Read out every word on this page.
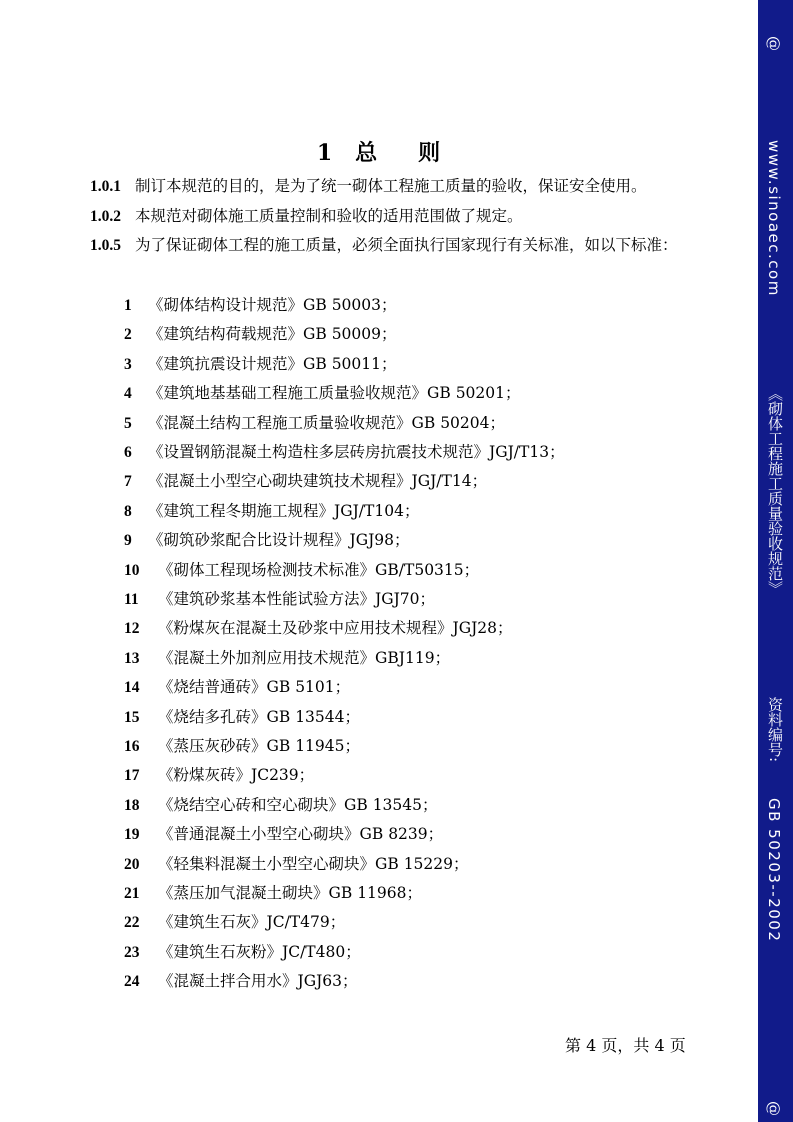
1 总 则
1.0.1 制订本规范的目的，是为了统一砌体工程施工质量的验收，保证安全使用。
1.0.2 本规范对砌体施工质量控制和验收的适用范围做了规定。
1.0.5 为了保证砌体工程的施工质量，必须全面执行国家现行有关标准，如以下标准：
1 《砌体结构设计规范》GB 50003；
2 《建筑结构荷载规范》GB 50009；
3 《建筑抗震设计规范》GB 50011；
4 《建筑地基基础工程施工质量验收规范》GB 50201；
5 《混凝土结构工程施工质量验收规范》GB 50204；
6 《设置钢筋混凝土构造柱多层砖房抗震技术规范》JGJ/T13；
7 《混凝土小型空心砌块建筑技术规程》JGJ/T14；
8 《建筑工程冬期施工规程》JGJ/T104；
9 《砌筑砂浆配合比设计规程》JGJ98；
10 《砌体工程现场检测技术标准》GB/T50315；
11 《建筑砂浆基本性能试验方法》JGJ70；
12 《粉煤灰在混凝土及砂浆中应用技术规程》JGJ28；
13 《混凝土外加剂应用技术规范》GBJ119；
14 《烧结普通砖》GB 5101；
15 《烧结多孔砖》GB 13544；
16 《蒸压灰砂砖》GB 11945；
17 《粉煤灰砖》JC239；
18 《烧结空心砖和空心砌块》GB 13545；
19 《普通混凝土小型空心砌块》GB 8239；
20 《轻集料混凝土小型空心砌块》GB 15229；
21 《蒸压加气混凝土砌块》GB 11968；
22 《建筑生石灰》JC/T479；
23 《建筑生石灰粉》JC/T480；
24 《混凝土拌合用水》JGJ63；
第 4 页，共 4 页
@
www.sinoaec.com
《砌体工程施工质量验收规范》
资料编号:
GB 50203--2002
@
